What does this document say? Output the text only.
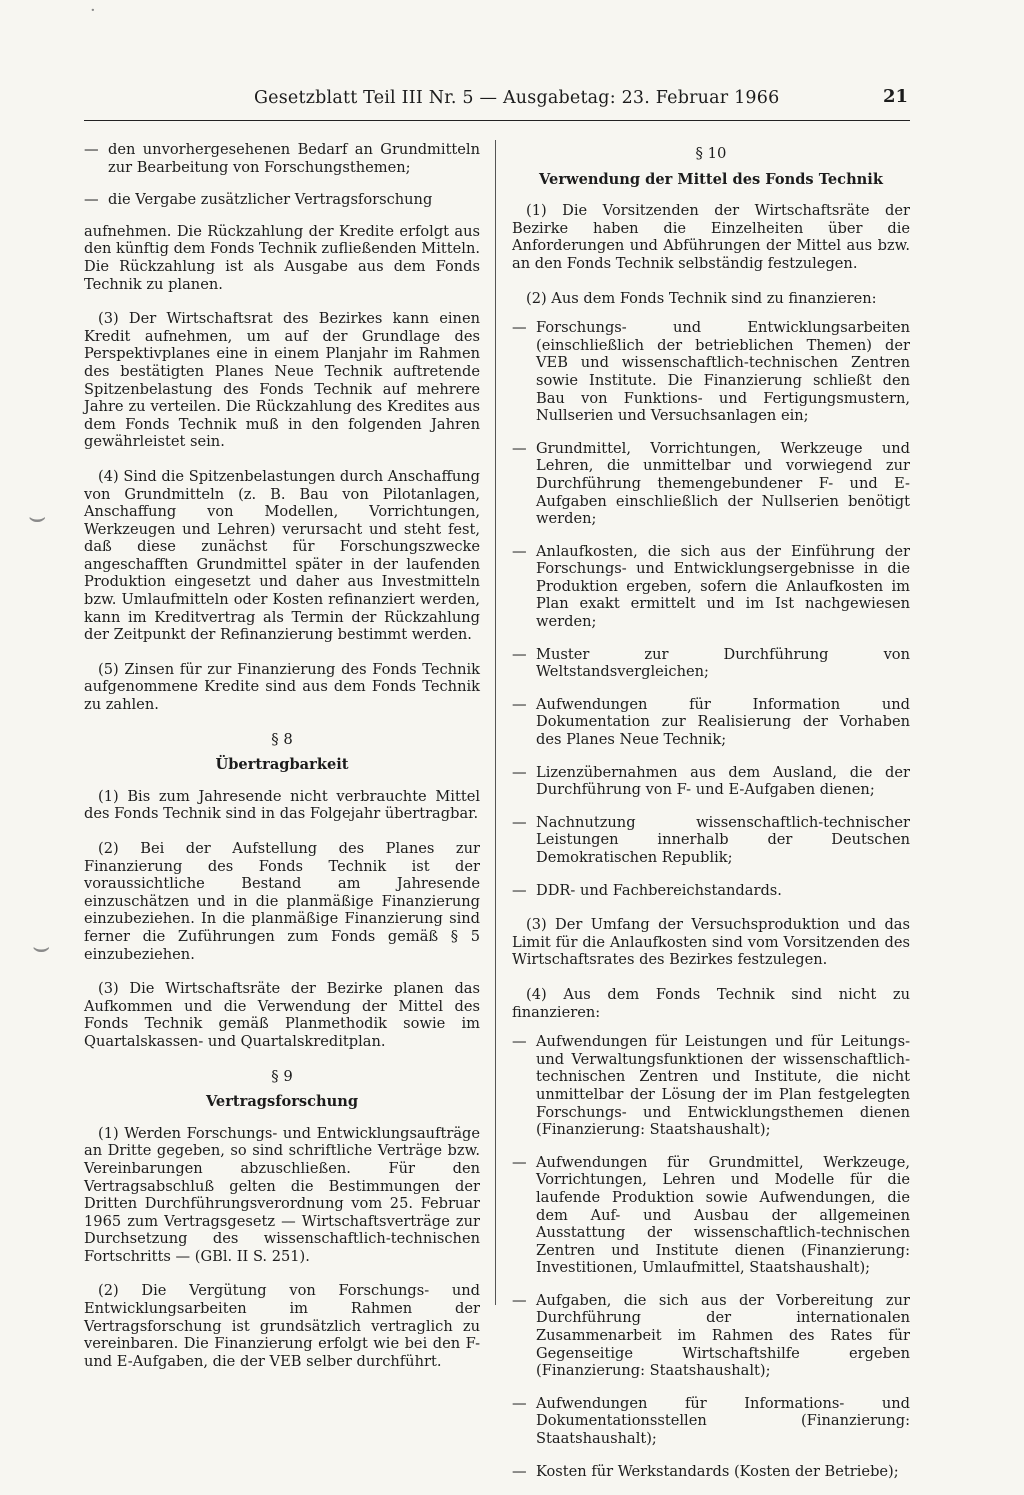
·
⌣
⌣
Gesetzblatt Teil III Nr. 5 — Ausgabetag: 23. Februar 1966	21
— den unvorhergesehenen Bedarf an Grundmitteln zur Bearbeitung von Forschungsthemen;
— die Vergabe zusätzlicher Vertragsforschung

aufnehmen. Die Rückzahlung der Kredite erfolgt aus den künftig dem Fonds Technik zufließenden Mitteln. Die Rückzahlung ist als Ausgabe aus dem Fonds Technik zu planen.

(3) Der Wirtschaftsrat des Bezirkes kann einen Kredit aufnehmen, um auf der Grundlage des Perspektivplanes eine in einem Planjahr im Rahmen des bestätigten Planes Neue Technik auftretende Spitzenbelastung des Fonds Technik auf mehrere Jahre zu verteilen. Die Rückzahlung des Kredites aus dem Fonds Technik muß in den folgenden Jahren gewährleistet sein.

(4) Sind die Spitzenbelastungen durch Anschaffung von Grundmitteln (z. B. Bau von Pilotanlagen, Anschaffung von Modellen, Vorrichtungen, Werkzeugen und Lehren) verursacht und steht fest, daß diese zunächst für Forschungszwecke angeschafften Grundmittel später in der laufenden Produktion eingesetzt und daher aus Investmitteln bzw. Umlaufmitteln oder Kosten refinanziert werden, kann im Kreditvertrag als Termin der Rückzahlung der Zeitpunkt der Refinanzierung bestimmt werden.

(5) Zinsen für zur Finanzierung des Fonds Technik aufgenommene Kredite sind aus dem Fonds Technik zu zahlen.

§ 8
Übertragbarkeit

(1) Bis zum Jahresende nicht verbrauchte Mittel des Fonds Technik sind in das Folgejahr übertragbar.

(2) Bei der Aufstellung des Planes zur Finanzierung des Fonds Technik ist der voraussichtliche Bestand am Jahresende einzuschätzen und in die planmäßige Finanzierung einzubeziehen. In die planmäßige Finanzierung sind ferner die Zuführungen zum Fonds gemäß § 5 einzubeziehen.

(3) Die Wirtschaftsräte der Bezirke planen das Aufkommen und die Verwendung der Mittel des Fonds Technik gemäß Planmethodik sowie im Quartalskassen- und Quartalskreditplan.

§ 9
Vertragsforschung

(1) Werden Forschungs- und Entwicklungsaufträge an Dritte gegeben, so sind schriftliche Verträge bzw. Vereinbarungen abzuschließen. Für den Vertragsabschluß gelten die Bestimmungen der Dritten Durchführungsverordnung vom 25. Februar 1965 zum Vertragsgesetz — Wirtschaftsverträge zur Durchsetzung des wissenschaftlich-technischen Fortschritts — (GBl. II S. 251).

(2) Die Vergütung von Forschungs- und Entwicklungsarbeiten im Rahmen der Vertragsforschung ist grundsätzlich vertraglich zu vereinbaren. Die Finanzierung erfolgt wie bei den F- und E-Aufgaben, die der VEB selber durchführt.

§ 10
Verwendung der Mittel des Fonds Technik

(1) Die Vorsitzenden der Wirtschaftsräte der Bezirke haben die Einzelheiten über die Anforderungen und Abführungen der Mittel aus bzw. an den Fonds Technik selbständig festzulegen.

(2) Aus dem Fonds Technik sind zu finanzieren:

— Forschungs- und Entwicklungsarbeiten (einschließlich der betrieblichen Themen) der VEB und wissenschaftlich-technischen Zentren sowie Institute. Die Finanzierung schließt den Bau von Funktions- und Fertigungsmustern, Nullserien und Versuchsanlagen ein;
— Grundmittel, Vorrichtungen, Werkzeuge und Lehren, die unmittelbar und vorwiegend zur Durchführung themengebundener F- und E-Aufgaben einschließlich der Nullserien benötigt werden;
— Anlaufkosten, die sich aus der Einführung der Forschungs- und Entwicklungsergebnisse in die Produktion ergeben, sofern die Anlaufkosten im Plan exakt ermittelt und im Ist nachgewiesen werden;
— Muster zur Durchführung von Weltstandsvergleichen;
— Aufwendungen für Information und Dokumentation zur Realisierung der Vorhaben des Planes Neue Technik;
— Lizenzübernahmen aus dem Ausland, die der Durchführung von F- und E-Aufgaben dienen;
— Nachnutzung wissenschaftlich-technischer Leistungen innerhalb der Deutschen Demokratischen Republik;
— DDR- und Fachbereichstandards.

(3) Der Umfang der Versuchsproduktion und das Limit für die Anlaufkosten sind vom Vorsitzenden des Wirtschaftsrates des Bezirkes festzulegen.

(4) Aus dem Fonds Technik sind nicht zu finanzieren:

— Aufwendungen für Leistungen und für Leitungs- und Verwaltungsfunktionen der wissenschaftlich-technischen Zentren und Institute, die nicht unmittelbar der Lösung der im Plan festgelegten Forschungs- und Entwicklungsthemen dienen (Finanzierung: Staatshaushalt);
— Aufwendungen für Grundmittel, Werkzeuge, Vorrichtungen, Lehren und Modelle für die laufende Produktion sowie Aufwendungen, die dem Auf- und Ausbau der allgemeinen Ausstattung der wissenschaftlich-technischen Zentren und Institute dienen (Finanzierung: Investitionen, Umlaufmittel, Staatshaushalt);
— Aufgaben, die sich aus der Vorbereitung zur Durchführung der internationalen Zusammenarbeit im Rahmen des Rates für Gegenseitige Wirtschaftshilfe ergeben (Finanzierung: Staatshaushalt);
— Aufwendungen für Informations- und Dokumentationsstellen (Finanzierung: Staatshaushalt);
— Kosten für Werkstandards (Kosten der Betriebe);
